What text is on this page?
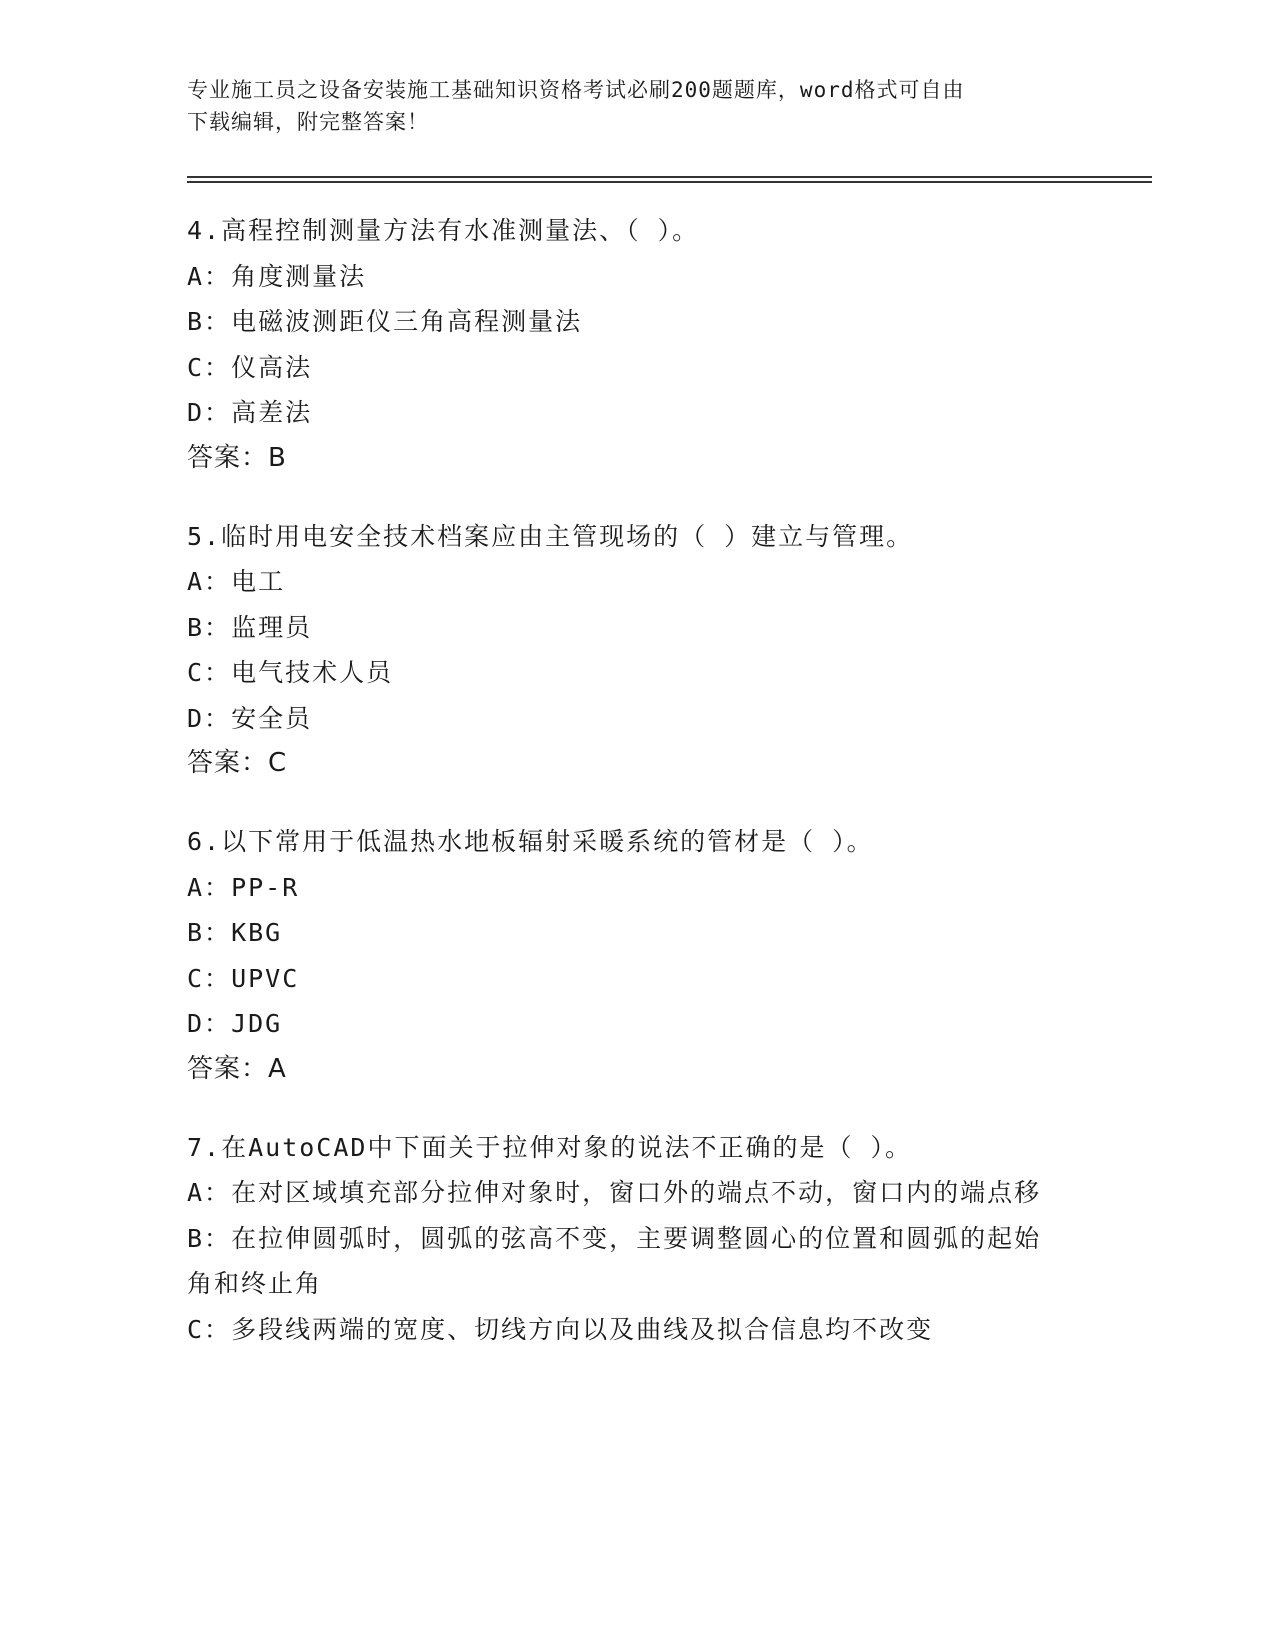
专业施工员之设备安装施工基础知识资格考试必刷200题题库，word格式可自由
下载编辑，附完整答案！
4.高程控制测量方法有水准测量法、（ ）。
A： 角度测量法
B： 电磁波测距仪三角高程测量法
C： 仪高法
D： 高差法
答案：B
5.临时用电安全技术档案应由主管现场的（ ）建立与管理。
A： 电工
B： 监理员
C： 电气技术人员
D： 安全员
答案：C
6.以下常用于低温热水地板辐射采暖系统的管材是（ ）。
A： PP-R
B： KBG
C： UPVC
D： JDG
答案：A
7.在AutoCAD中下面关于拉伸对象的说法不正确的是（ ）。
A：在对区域填充部分拉伸对象时，窗口外的端点不动，窗口内的端点移
B：在拉伸圆弧时，圆弧的弦高不变，主要调整圆心的位置和圆弧的起始角和终止角
C：多段线两端的宽度、切线方向以及曲线及拟合信息均不改变
